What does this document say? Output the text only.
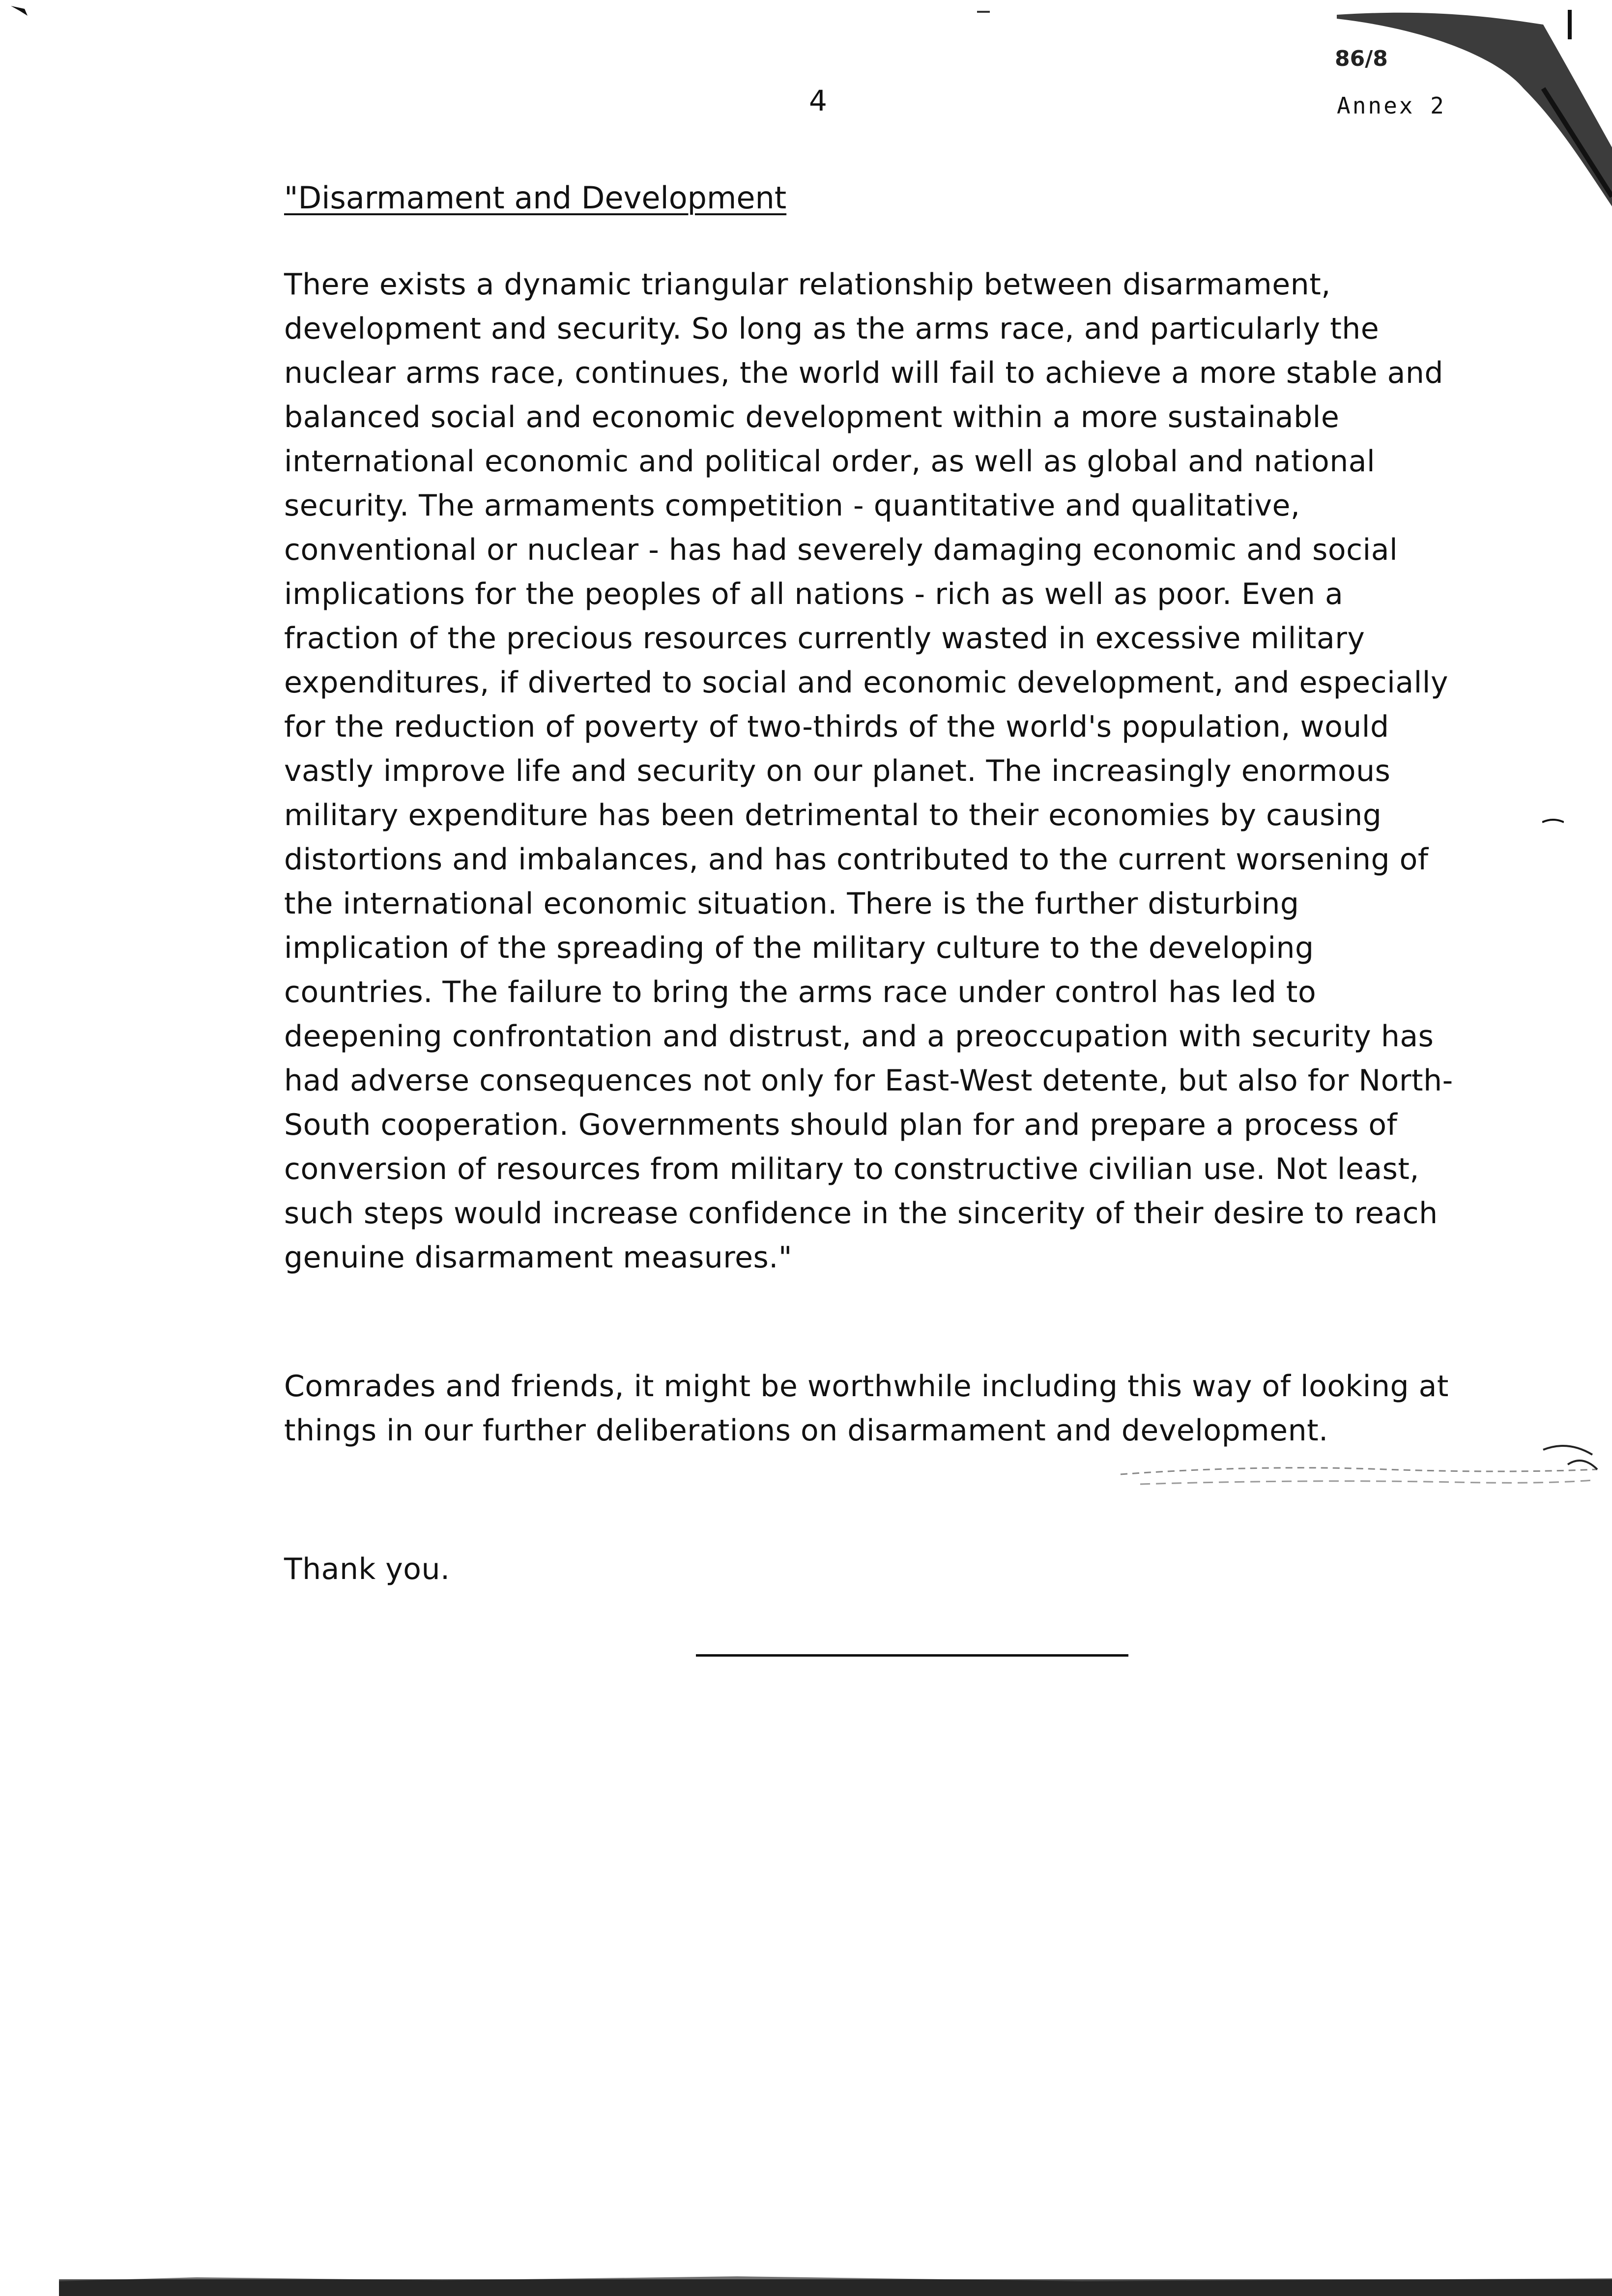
86/8
4	Annex 2
"Disarmament and Development

There exists a dynamic triangular relationship between disarmament, development and security. So long as the arms race, and particularly the nuclear arms race, continues, the world will fail to achieve a more stable and balanced social and economic development within a more sustainable international economic and political order, as well as global and national security. The armaments competition - quantitative and qualitative, conventional or nuclear - has had severely damaging economic and social implications for the peoples of all nations - rich as well as poor. Even a fraction of the precious resources currently wasted in excessive military expenditures, if diverted to social and economic development, and especially for the reduction of poverty of two-thirds of the world's population, would vastly improve life and security on our planet. The increasingly enormous military expenditure has been detrimental to their economies by causing distortions and imbalances, and has contributed to the current worsening of the international economic situation. There is the further disturbing implication of the spreading of the military culture to the developing countries. The failure to bring the arms race under control has led to deepening confrontation and distrust, and a preoccupation with security has had adverse consequences not only for East-West detente, but also for North-South cooperation. Governments should plan for and prepare a process of conversion of resources from military to constructive civilian use. Not least, such steps would increase confidence in the sincerity of their desire to reach genuine disarmament measures."

Comrades and friends, it might be worthwhile including this way of looking at things in our further deliberations on disarmament and development.

Thank you.
